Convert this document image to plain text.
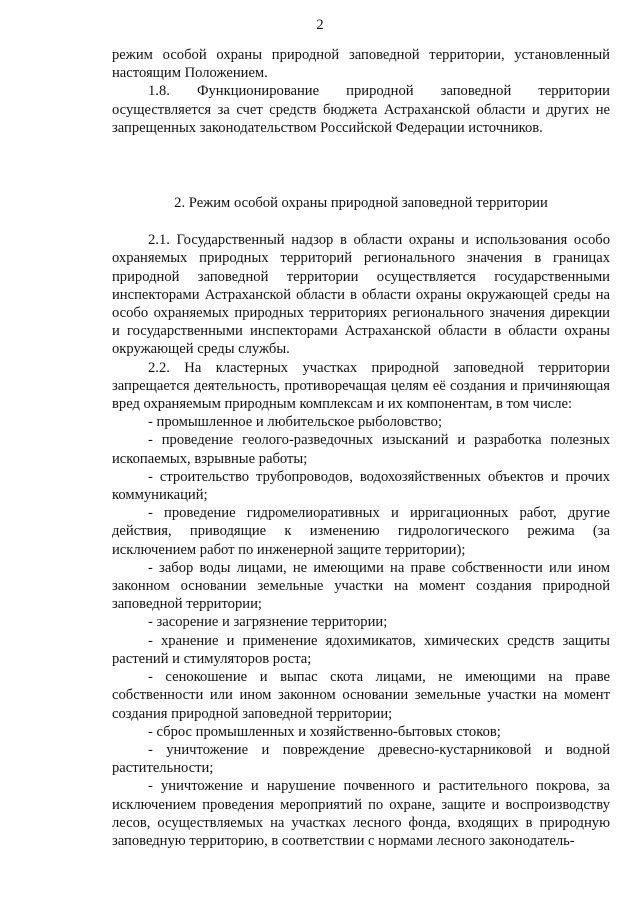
2

режим особой охраны природной заповедной территории, установленный настоящим Положением.

1.8. Функционирование природной заповедной территории осуществляется за счет средств бюджета Астраханской области и других не запрещенных законодательством Российской Федерации источников.

2. Режим особой охраны природной заповедной территории

2.1. Государственный надзор в области охраны и использования особо охраняемых природных территорий регионального значения в границах природной заповедной территории осуществляется государственными инспекторами Астраханской области в области охраны окружающей среды на особо охраняемых природных территориях регионального значения дирекции и государственными инспекторами Астраханской области в области охраны окружающей среды службы.

2.2. На кластерных участках природной заповедной территории запрещается деятельность, противоречащая целям её создания и причиняющая вред охраняемым природным комплексам и их компонентам, в том числе:

- промышленное и любительское рыболовство;

- проведение геолого-разведочных изысканий и разработка полезных ископаемых, взрывные работы;

- строительство трубопроводов, водохозяйственных объектов и прочих коммуникаций;

- проведение гидромелиоративных и ирригационных работ, другие действия, приводящие к изменению гидрологического режима (за исключением работ по инженерной защите территории);

- забор воды лицами, не имеющими на праве собственности или ином законном основании земельные участки на момент создания природной заповедной территории;

- засорение и загрязнение территории;

- хранение и применение ядохимикатов, химических средств защиты растений и стимуляторов роста;

- сенокошение и выпас скота лицами, не имеющими на праве собственности или ином законном основании земельные участки на момент создания природной заповедной территории;

- сброс промышленных и хозяйственно-бытовых стоков;

- уничтожение и повреждение древесно-кустарниковой и водной растительности;

- уничтожение и нарушение почвенного и растительного покрова, за исключением проведения мероприятий по охране, защите и воспроизводству лесов, осуществляемых на участках лесного фонда, входящих в природную заповедную территорию, в соответствии с нормами лесного законодатель-
